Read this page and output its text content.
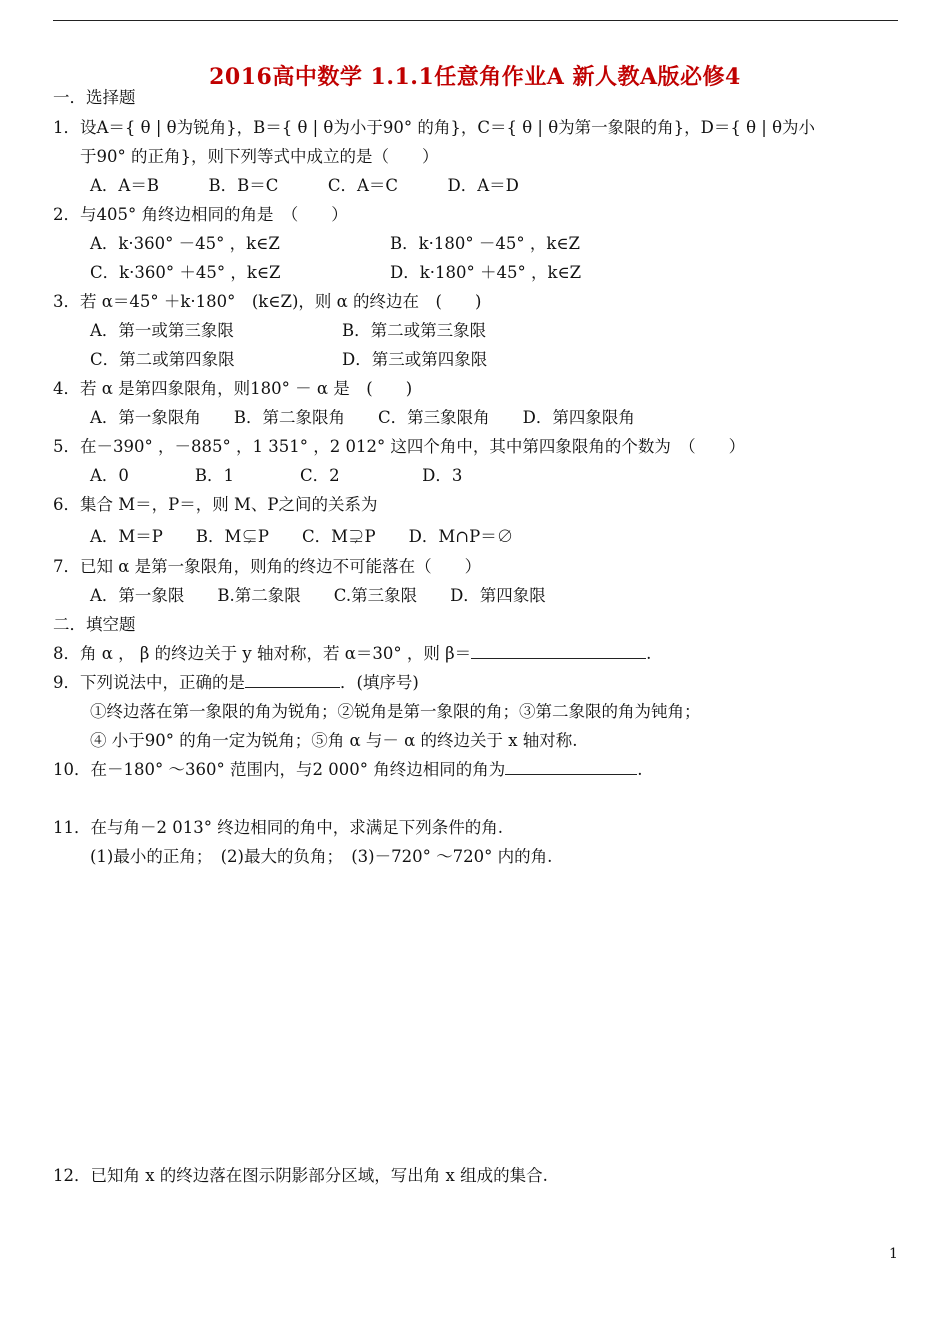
2016高中数学 1.1.1任意角作业A 新人教A版必修4
一．选择题
1．设A＝{ θ | θ为锐角}，B＝{ θ | θ为小于90° 的角}，C＝{ θ | θ为第一象限的角}，D＝{ θ | θ为小
于90° 的正角}，则下列等式中成立的是（　　）
A．A＝B　　　B．B＝C　　　C．A＝C　　　D．A＝D
2．与405° 角终边相同的角是　（　　）
A．k·360° －45° ，k∈Z	B．k·180° －45° ，k∈Z
C．k·360° ＋45° ，k∈Z	D．k·180° ＋45° ，k∈Z
3．若 α＝45° ＋k·180°　(k∈Z)，则 α 的终边在　(　　)
A．第一或第三象限	B．第二或第三象限
C．第二或第四象限	D．第三或第四象限
4．若 α 是第四象限角，则180° － α 是　(　　)
A．第一象限角　　B．第二象限角　　C．第三象限角　　D．第四象限角
5．在－390° ，－885° ，1 351° ，2 012° 这四个角中，其中第四象限角的个数为　（　　）
A．0　　　　B．1　　　　C．2　　　　　D．3
6．集合 M＝，P＝，则 M、P之间的关系为
A．M＝P　　B．M⊊P　　C．M⊋P　　D．M∩P＝∅
7．已知 α 是第一象限角，则角的终边不可能落在（　　）
A．第一象限　　B.第二象限　　C.第三象限　　D．第四象限
二．填空题
8．角 α ， β 的终边关于 y 轴对称，若 α＝30° ，则 β＝	.
9．下列说法中，正确的是	．(填序号)
①终边落在第一象限的角为锐角；②锐角是第一象限的角；③第二象限的角为钝角；
④ 小于90° 的角一定为锐角；⑤角 α 与－ α 的终边关于 x 轴对称.
10．在－180° ～360° 范围内，与2 000° 角终边相同的角为	.
11．在与角－2 013° 终边相同的角中，求满足下列条件的角.
(1)最小的正角；　(2)最大的负角；　(3)－720° ～720° 内的角.
12．已知角 x 的终边落在图示阴影部分区域，写出角 x 组成的集合.
1
